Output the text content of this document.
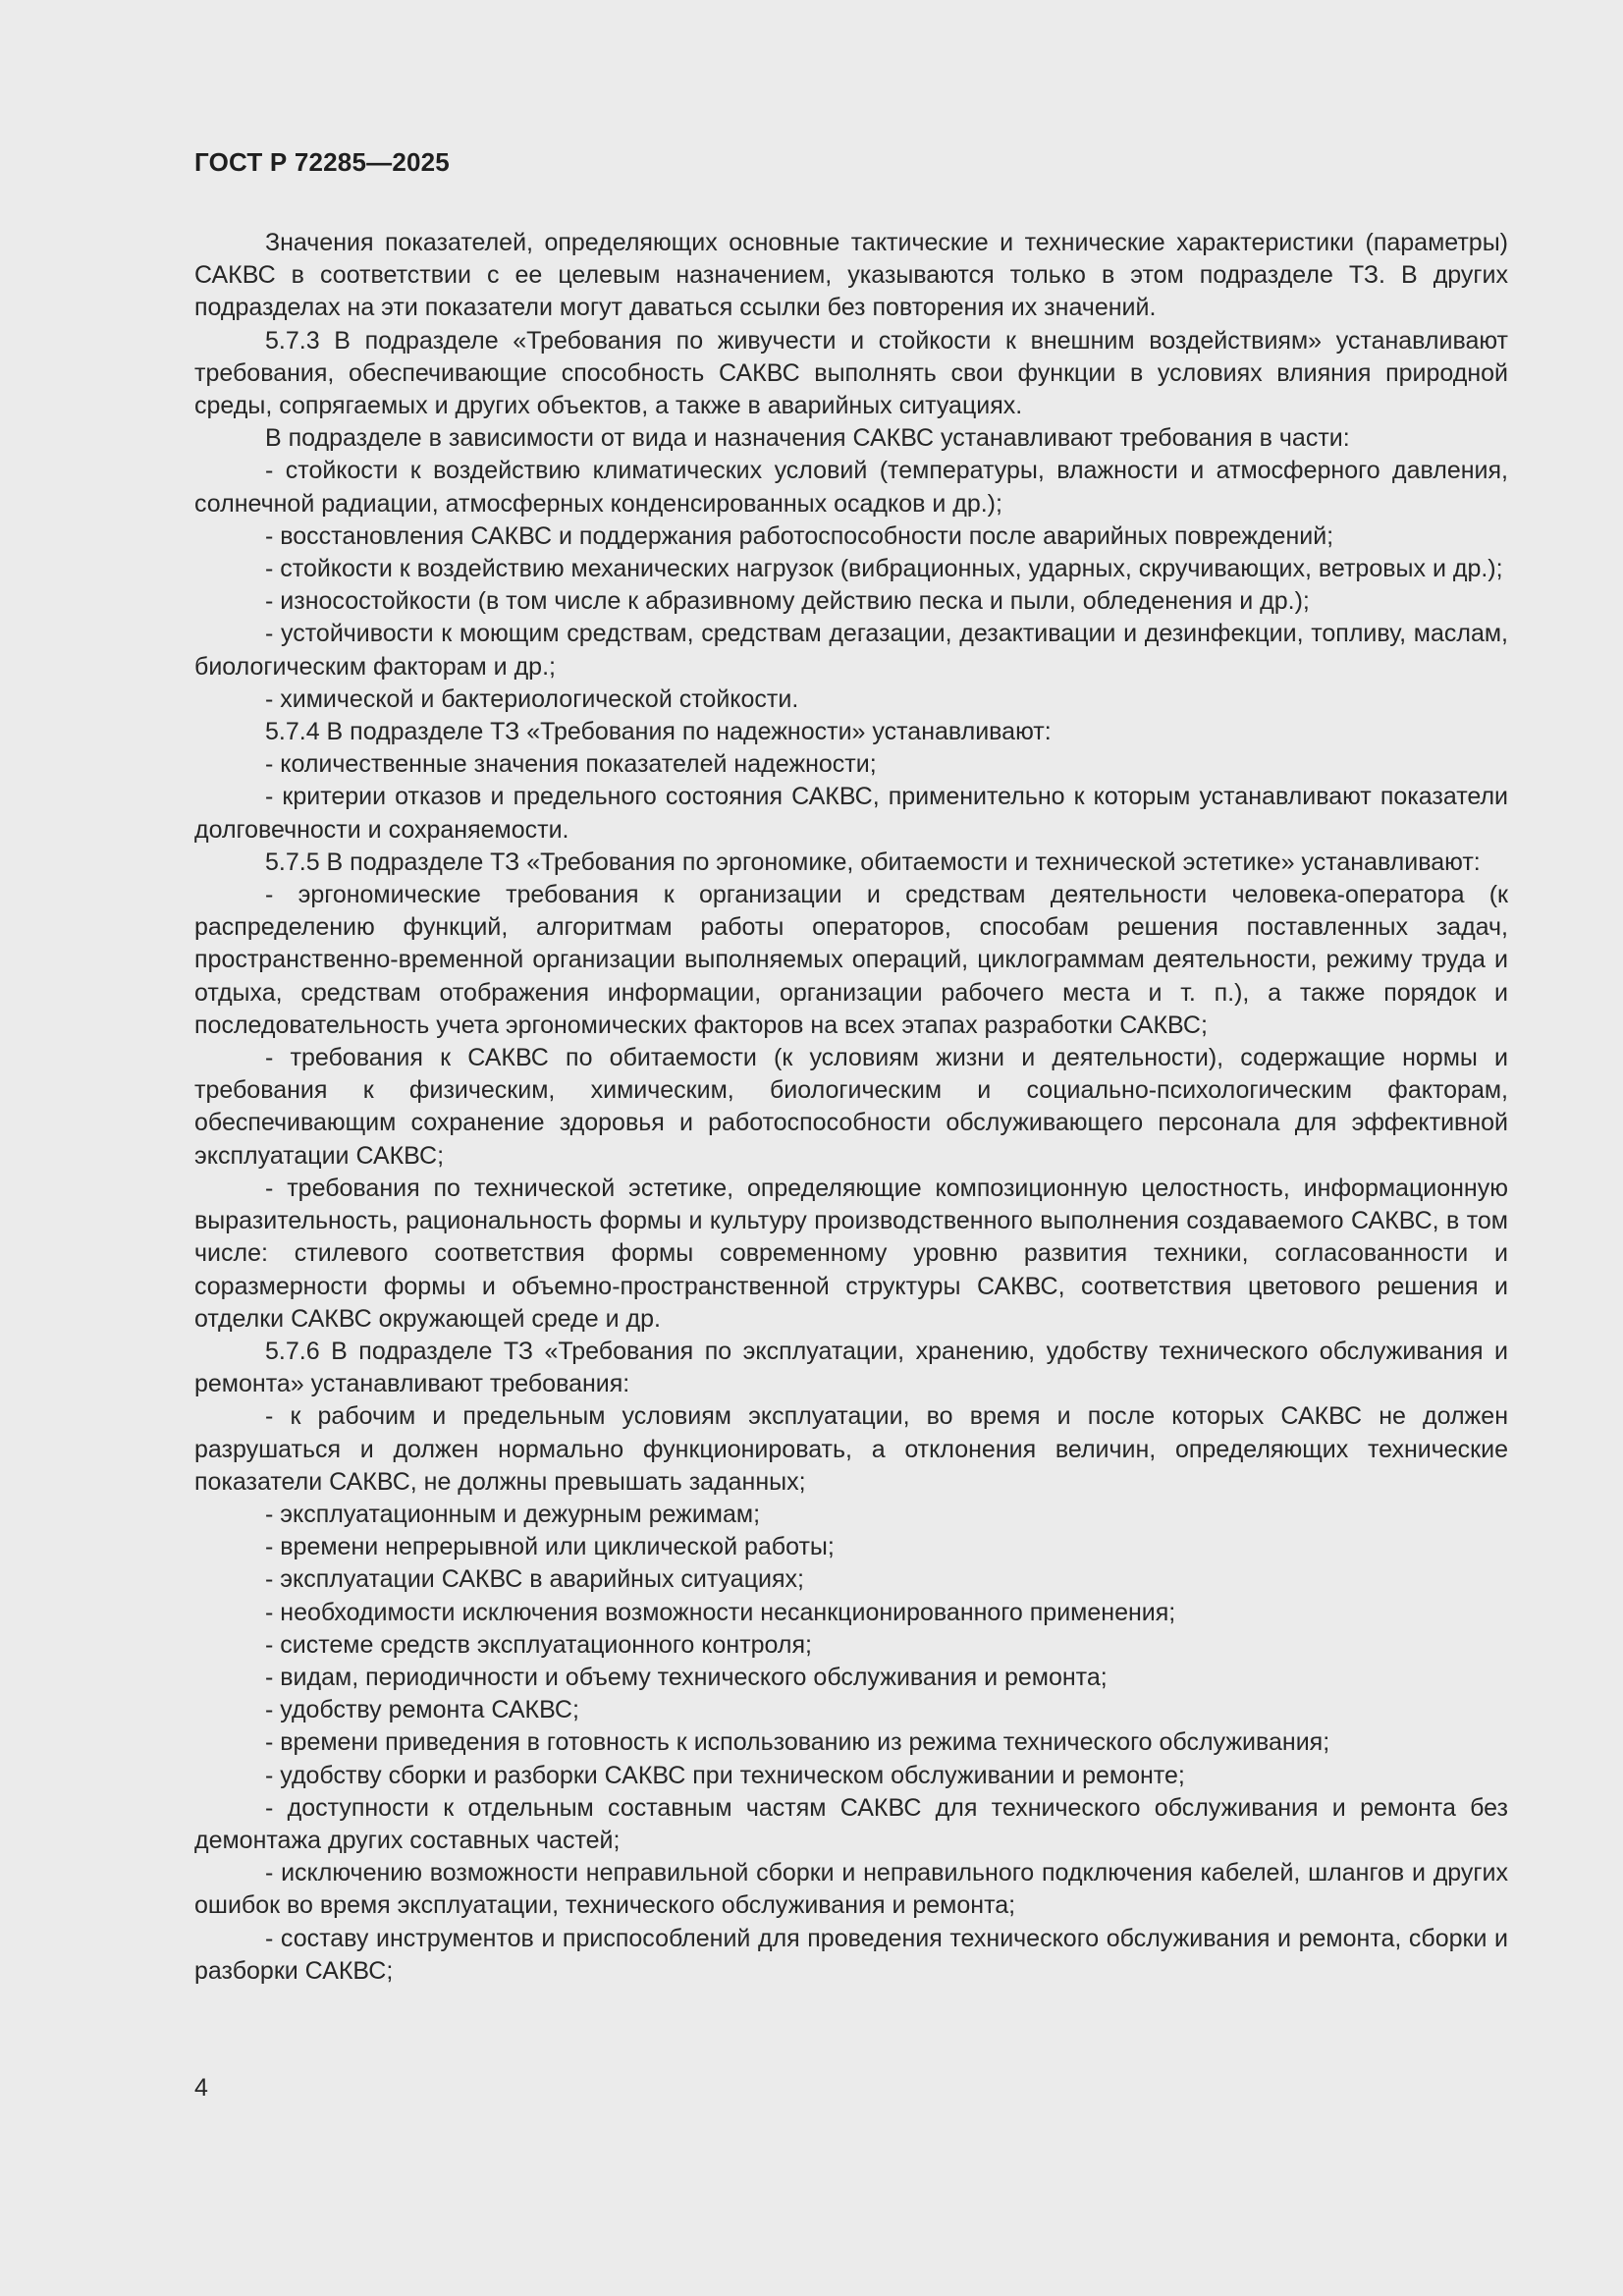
ГОСТ Р 72285—2025

Значения показателей, определяющих основные тактические и технические характеристики (параметры) САКВС в соответствии с ее целевым назначением, указываются только в этом подразделе ТЗ. В других подразделах на эти показатели могут даваться ссылки без повторения их значений.

5.7.3 В подразделе «Требования по живучести и стойкости к внешним воздействиям» устанавливают требования, обеспечивающие способность САКВС выполнять свои функции в условиях влияния природной среды, сопрягаемых и других объектов, а также в аварийных ситуациях.

В подразделе в зависимости от вида и назначения САКВС устанавливают требования в части:

- стойкости к воздействию климатических условий (температуры, влажности и атмосферного давления, солнечной радиации, атмосферных конденсированных осадков и др.);

- восстановления САКВС и поддержания работоспособности после аварийных повреждений;

- стойкости к воздействию механических нагрузок (вибрационных, ударных, скручивающих, ветровых и др.);

- износостойкости (в том числе к абразивному действию песка и пыли, обледенения и др.);

- устойчивости к моющим средствам, средствам дегазации, дезактивации и дезинфекции, топливу, маслам, биологическим факторам и др.;

- химической и бактериологической стойкости.

5.7.4 В подразделе ТЗ «Требования по надежности» устанавливают:

- количественные значения показателей надежности;

- критерии отказов и предельного состояния САКВС, применительно к которым устанавливают показатели долговечности и сохраняемости.

5.7.5 В подразделе ТЗ «Требования по эргономике, обитаемости и технической эстетике» устанавливают:

- эргономические требования к организации и средствам деятельности человека-оператора (к распределению функций, алгоритмам работы операторов, способам решения поставленных задач, пространственно-временной организации выполняемых операций, циклограммам деятельности, режиму труда и отдыха, средствам отображения информации, организации рабочего места и т. п.), а также порядок и последовательность учета эргономических факторов на всех этапах разработки САКВС;

- требования к САКВС по обитаемости (к условиям жизни и деятельности), содержащие нормы и требования к физическим, химическим, биологическим и социально-психологическим факторам, обеспечивающим сохранение здоровья и работоспособности обслуживающего персонала для эффективной эксплуатации САКВС;

- требования по технической эстетике, определяющие композиционную целостность, информационную выразительность, рациональность формы и культуру производственного выполнения создаваемого САКВС, в том числе: стилевого соответствия формы современному уровню развития техники, согласованности и соразмерности формы и объемно-пространственной структуры САКВС, соответствия цветового решения и отделки САКВС окружающей среде и др.

5.7.6 В подразделе ТЗ «Требования по эксплуатации, хранению, удобству технического обслуживания и ремонта» устанавливают требования:

- к рабочим и предельным условиям эксплуатации, во время и после которых САКВС не должен разрушаться и должен нормально функционировать, а отклонения величин, определяющих технические показатели САКВС, не должны превышать заданных;

- эксплуатационным и дежурным режимам;

- времени непрерывной или циклической работы;

- эксплуатации САКВС в аварийных ситуациях;

- необходимости исключения возможности несанкционированного применения;

- системе средств эксплуатационного контроля;

- видам, периодичности и объему технического обслуживания и ремонта;

- удобству ремонта САКВС;

- времени приведения в готовность к использованию из режима технического обслуживания;

- удобству сборки и разборки САКВС при техническом обслуживании и ремонте;

- доступности к отдельным составным частям САКВС для технического обслуживания и ремонта без демонтажа других составных частей;

- исключению возможности неправильной сборки и неправильного подключения кабелей, шлангов и других ошибок во время эксплуатации, технического обслуживания и ремонта;

- составу инструментов и приспособлений для проведения технического обслуживания и ремонта, сборки и разборки САКВС;

4
